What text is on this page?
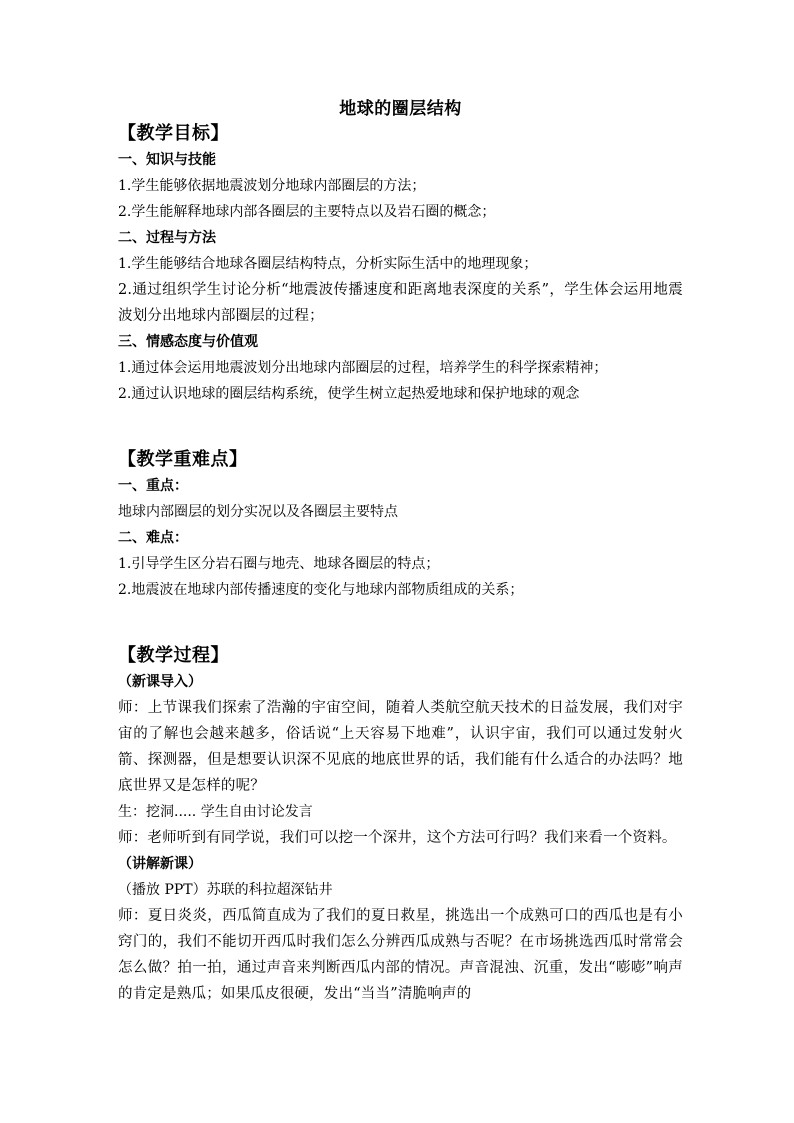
地球的圈层结构
【教学目标】
一、知识与技能

1.学生能够依据地震波划分地球内部圈层的方法；

2.学生能解释地球内部各圈层的主要特点以及岩石圈的概念；

二、过程与方法

1.学生能够结合地球各圈层结构特点，分析实际生活中的地理现象；

2.通过组织学生讨论分析“地震波传播速度和距离地表深度的关系”，学生体会运用地震波划分出地球内部圈层的过程；

三、情感态度与价值观

1.通过体会运用地震波划分出地球内部圈层的过程，培养学生的科学探索精神；

2.通过认识地球的圈层结构系统，使学生树立起热爱地球和保护地球的观念

【教学重难点】
一、重点：

地球内部圈层的划分实况以及各圈层主要特点

二、难点：

1.引导学生区分岩石圈与地壳、地球各圈层的特点；

2.地震波在地球内部传播速度的变化与地球内部物质组成的关系；

【教学过程】
（新课导入）

师：上节课我们探索了浩瀚的宇宙空间，随着人类航空航天技术的日益发展，我们对宇宙的了解也会越来越多，俗话说“上天容易下地难”，认识宇宙，我们可以通过发射火箭、探测器，但是想要认识深不见底的地底世界的话，我们能有什么适合的办法吗？地底世界又是怎样的呢？

生：挖洞..... 学生自由讨论发言

师：老师听到有同学说，我们可以挖一个深井，这个方法可行吗？我们来看一个资料。

（讲解新课）

（播放 PPT）苏联的科拉超深钻井

师：夏日炎炎，西瓜简直成为了我们的夏日救星，挑选出一个成熟可口的西瓜也是有小窍门的，我们不能切开西瓜时我们怎么分辨西瓜成熟与否呢？在市场挑选西瓜时常常会怎么做？拍一拍，通过声音来判断西瓜内部的情况。声音混浊、沉重，发出“嘭嘭”响声的肯定是熟瓜；如果瓜皮很硬，发出“当当”清脆响声的
